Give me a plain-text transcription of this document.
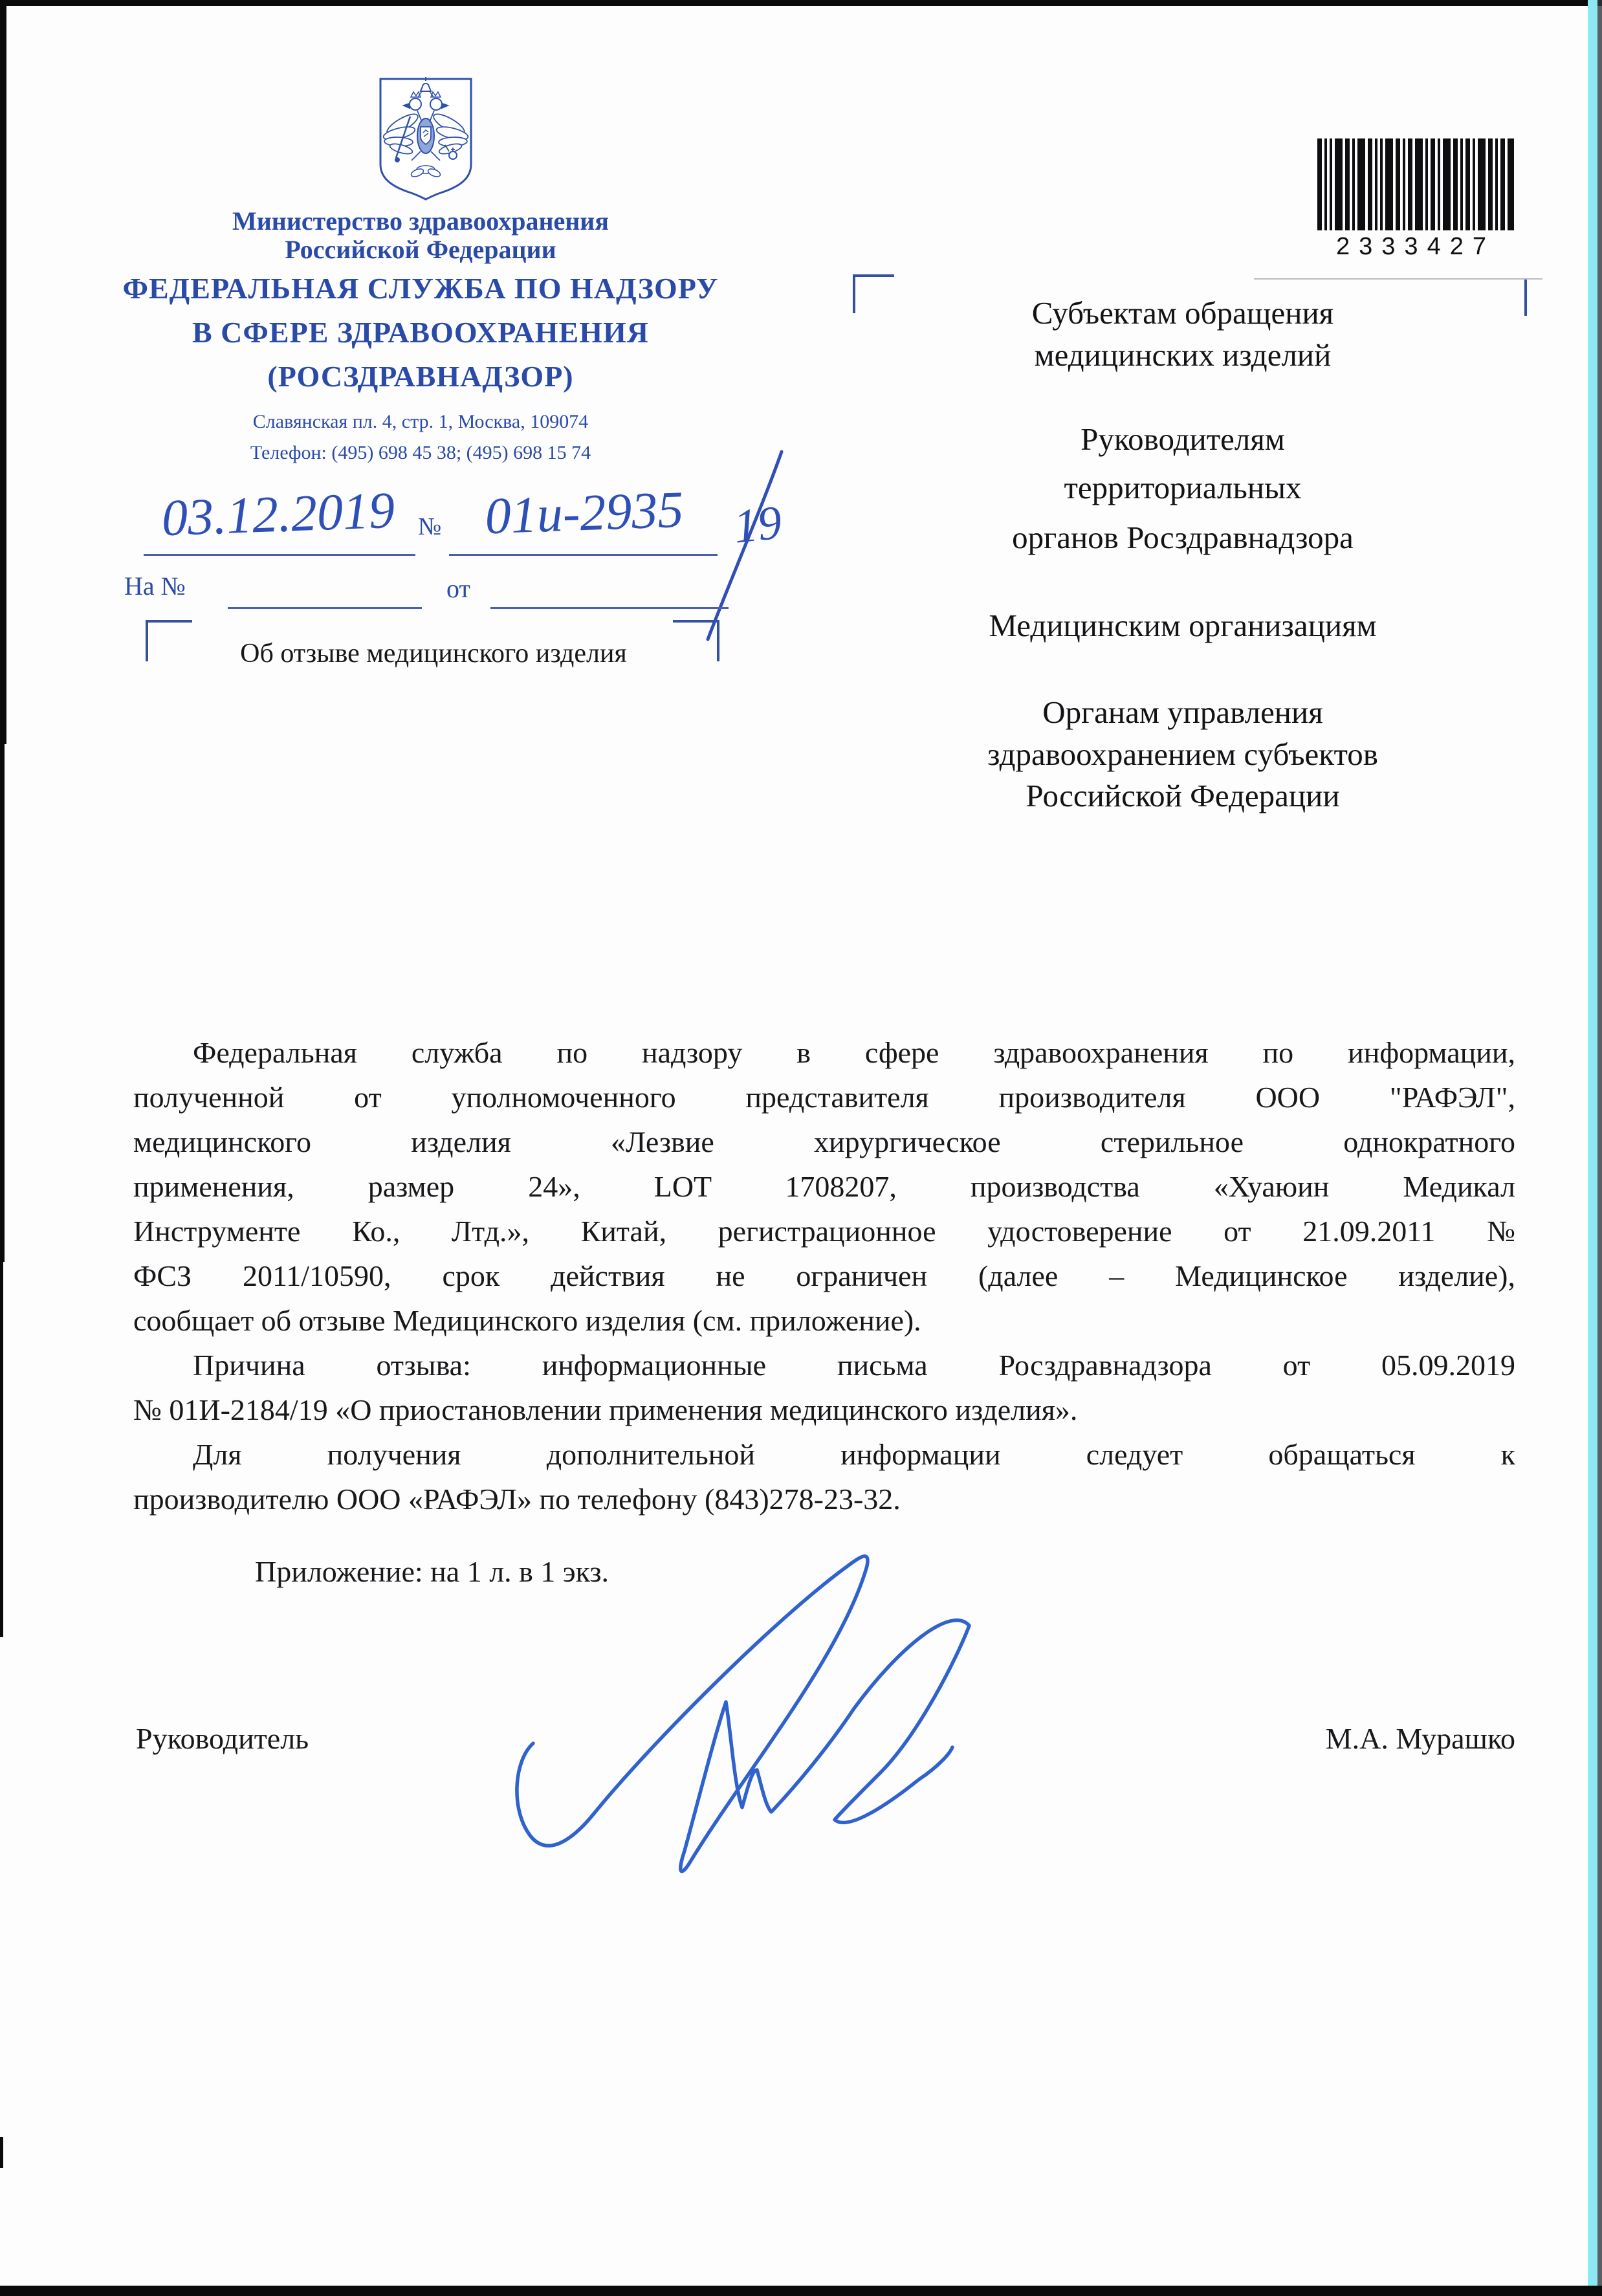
Министерство здравоохранения
Российской Федерации
ФЕДЕРАЛЬНАЯ СЛУЖБА ПО НАДЗОРУ
В СФЕРЕ ЗДРАВООХРАНЕНИЯ
(РОСЗДРАВНАДЗОР)
Славянская пл. 4, стр. 1, Москва, 109074
Телефон: (495) 698 45 38; (495) 698 15 74
03.12.2019 № 01и-2935 19
На №	от
Об отзыве медицинского изделия
2333427
Субъектам обращения
медицинских изделий
Руководителям
территориальных
органов Росздравнадзора
Медицинским организациям
Органам управления
здравоохранением субъектов
Российской Федерации
Федеральная служба по надзору в сфере здравоохранения по информации,
полученной от уполномоченного представителя производителя ООО "РАФЭЛ",
медицинского изделия «Лезвие хирургическое стерильное однократного
применения, размер 24», LOT 1708207, производства «Хуаюин Медикал
Инструменте Ко., Лтд.», Китай, регистрационное удостоверение от 21.09.2011 №
ФСЗ 2011/10590, срок действия не ограничен (далее – Медицинское изделие),
сообщает об отзыве Медицинского изделия (см. приложение).
Причина отзыва: информационные письма Росздравнадзора от 05.09.2019
№ 01И-2184/19 «О приостановлении применения медицинского изделия».
Для получения дополнительной информации следует обращаться к
производителю ООО «РАФЭЛ» по телефону (843)278-23-32.
Приложение: на 1 л. в 1 экз.
Руководитель	М.А. Мурашко
